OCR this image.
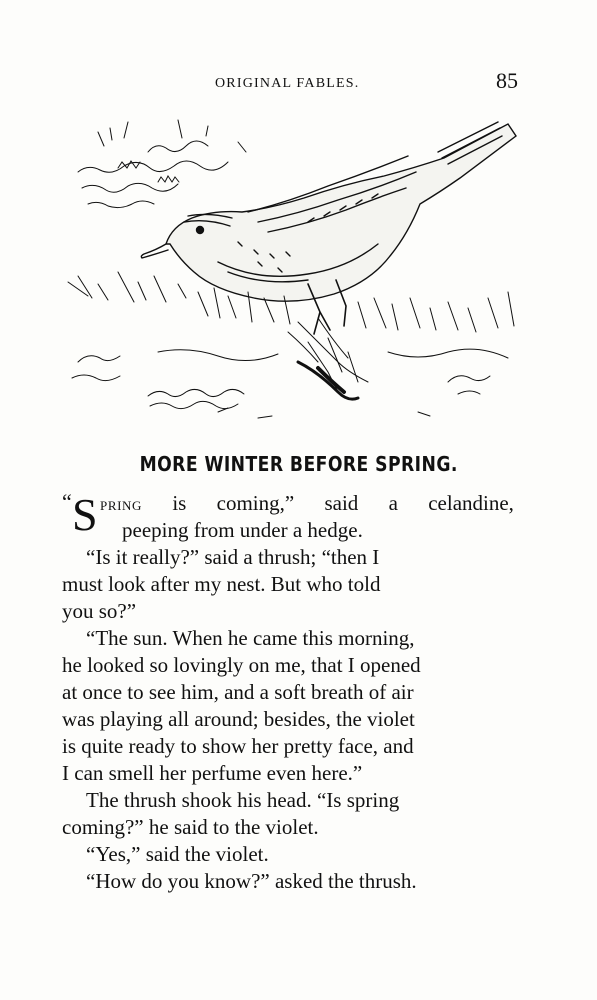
ORIGINAL FABLES.	85
MORE WINTER BEFORE SPRING.
“ S pring is coming,” said a celandine,
peeping from under a hedge.
“Is it really?” said a thrush; “then I
must look after my nest. But who told
you so?”
“The sun. When he came this morning,
he looked so lovingly on me, that I opened
at once to see him, and a soft breath of air
was playing all around; besides, the violet
is quite ready to show her pretty face, and
I can smell her perfume even here.”
The thrush shook his head. “Is spring
coming?” he said to the violet.
“Yes,” said the violet.
“How do you know?” asked the thrush.
